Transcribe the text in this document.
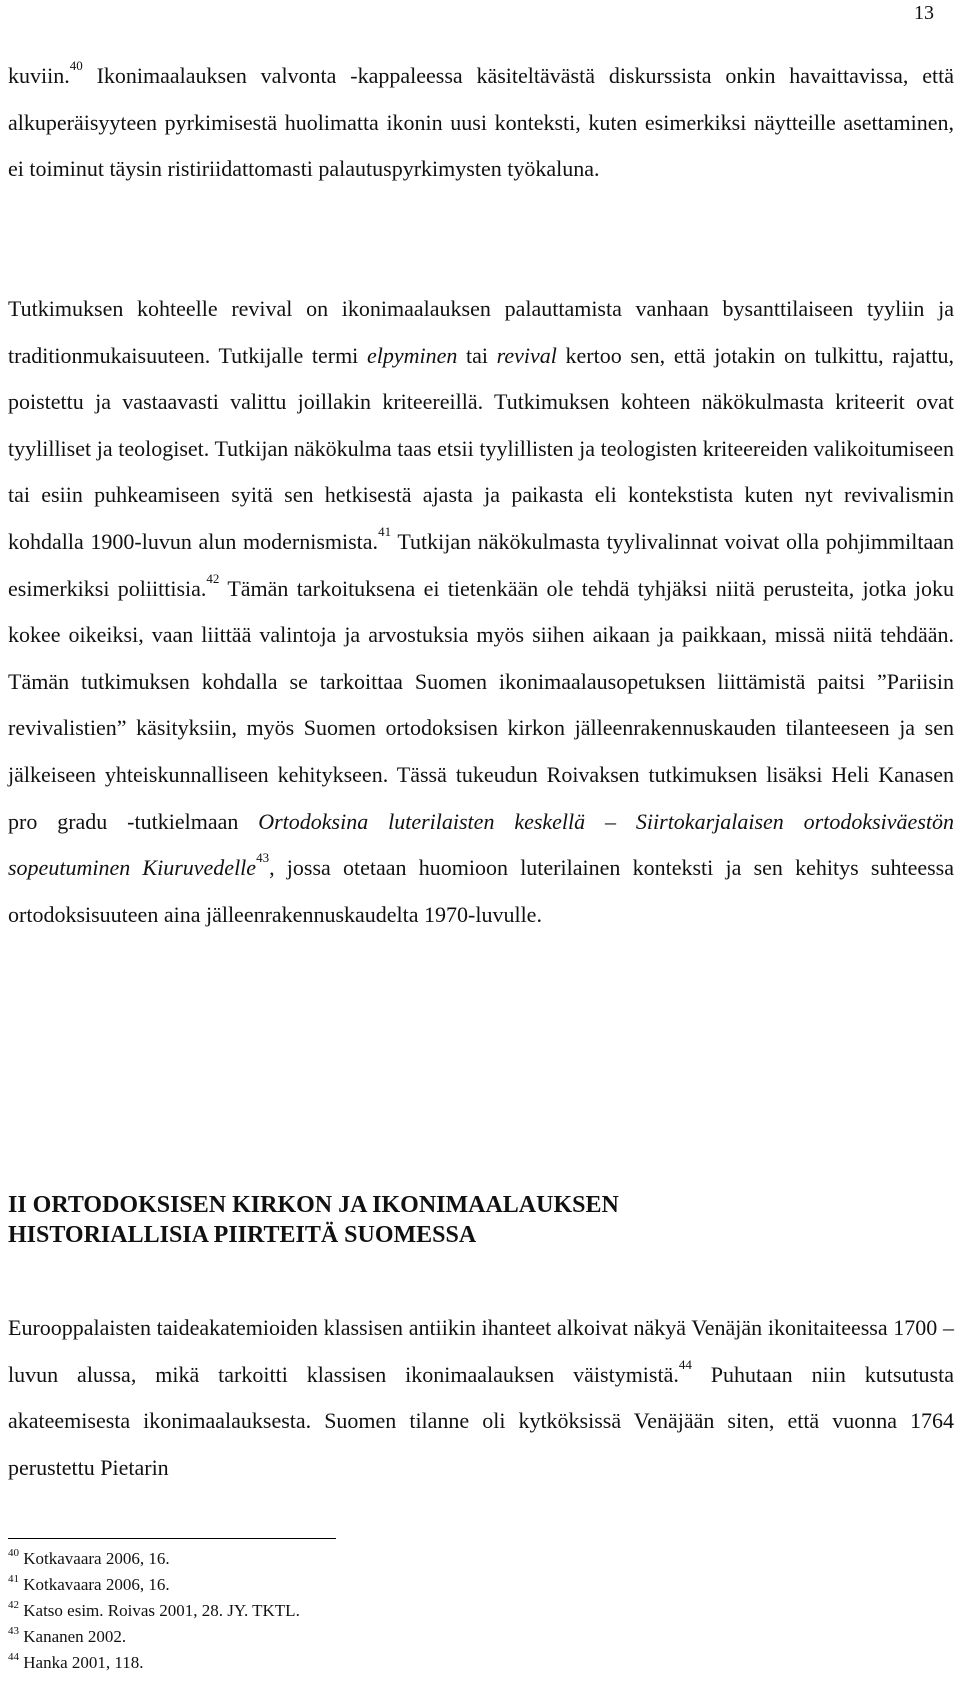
13

kuviin.$^{40}$ Ikonimaalauksen valvonta -kappaleessa käsiteltävästä diskurssista onkin havaittavissa, että alkuperäisyyteen pyrkimisestä huolimatta ikonin uusi konteksti, kuten esimerkiksi näytteille asettaminen, ei toiminut täysin ristiriidattomasti palautuspyrkimysten työkaluna.

Tutkimuksen kohteelle revival on ikonimaalauksen palauttamista vanhaan bysanttilaiseen tyyliin ja traditionmukaisuuteen. Tutkijalle termi elpyminen tai revival kertoo sen, että jotakin on tulkittu, rajattu, poistettu ja vastaavasti valittu joillakin kriteereillä. Tutkimuksen kohteen näkökulmasta kriteerit ovat tyylilliset ja teologiset. Tutkijan näkökulma taas etsii tyylillisten ja teologisten kriteereiden valikoitumiseen tai esiin puhkeamiseen syitä sen hetkisestä ajasta ja paikasta eli kontekstista kuten nyt revivalismin kohdalla 1900-luvun alun modernismista.$^{41}$ Tutkijan näkökulmasta tyylivalinnat voivat olla pohjimmiltaan esimerkiksi poliittisia.$^{42}$ Tämän tarkoituksena ei tietenkään ole tehdä tyhjäksi niitä perusteita, jotka joku kokee oikeiksi, vaan liittää valintoja ja arvostuksia myös siihen aikaan ja paikkaan, missä niitä tehdään. Tämän tutkimuksen kohdalla se tarkoittaa Suomen ikonimaalausopetuksen liittämistä paitsi ”Pariisin revivalistien” käsityksiin, myös Suomen ortodoksisen kirkon jälleenrakennuskauden tilanteeseen ja sen jälkeiseen yhteiskunnalliseen kehitykseen. Tässä tukeudun Roivaksen tutkimuksen lisäksi Heli Kanasen pro gradu -tutkielmaan Ortodoksina luterilaisten keskellä – Siirtokarjalaisen ortodoksiväestön sopeutuminen Kiuruvedelle$^{43}$, jossa otetaan huomioon luterilainen konteksti ja sen kehitys suhteessa ortodoksisuuteen aina jälleenrakennuskaudelta 1970-luvulle.

II ORTODOKSISEN KIRKON JA IKONIMAALAUKSEN
HISTORIALLISIA PIIRTEITÄ SUOMESSA

Eurooppalaisten taideakatemioiden klassisen antiikin ihanteet alkoivat näkyä Venäjän ikonitaiteessa 1700 –luvun alussa, mikä tarkoitti klassisen ikonimaalauksen väistymistä.$^{44}$ Puhutaan niin kutsutusta akateemisesta ikonimaalauksesta. Suomen tilanne oli kytköksissä Venäjään siten, että vuonna 1764 perustettu Pietarin

$^{40}$ Kotkavaara 2006, 16.
$^{41}$ Kotkavaara 2006, 16.
$^{42}$ Katso esim. Roivas 2001, 28. JY. TKTL.
$^{43}$ Kananen 2002.
$^{44}$ Hanka 2001, 118.
